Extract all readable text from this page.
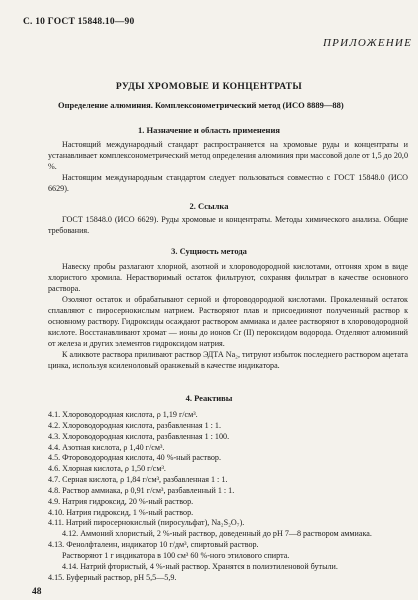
С. 10 ГОСТ 15848.10—90
ПРИЛОЖЕНИЕ
РУДЫ ХРОМОВЫЕ И КОНЦЕНТРАТЫ
Определение алюминия. Комплексонометрический метод (ИСО 8889—88)
1. Назначение и область применения

Настоящий международный стандарт распространяется на хромовые руды и концентраты и устанавливает комплексонометрический метод определения алюминия при массовой доле от 1,5 до 20,0 %.

Настоящим международным стандартом следует пользоваться совместно с ГОСТ 15848.0 (ИСО 6629).

2. Ссылка

ГОСТ 15848.0 (ИСО 6629). Руды хромовые и концентраты. Методы химического анализа. Общие требования.

3. Сущность метода

Навеску пробы разлагают хлорной, азотной и хлороводородной кислотами, отгоняя хром в виде хлористого хромила. Нерастворимый остаток фильтруют, сохраняя фильтрат в качестве основного раствора.

Озоляют остаток и обрабатывают серной и фтороводородной кислотами. Прокаленный остаток сплавляют с пиросернокислым натрием. Растворяют плав и присоединяют полученный раствор к основному раствору. Гидроксиды осаждают раствором аммиака и далее растворяют в хлороводородной кислоте. Восстанавливают хромат — ионы до ионов Cr (II) пероксидом водорода. Отделяют алюминий от железа и других элементов гидроксидом натрия.

К аликвоте раствора приливают раствор ЭДТА Na₂, титруют избыток последнего раствором ацетата цинка, используя ксиленоловый оранжевый в качестве индикатора.

4. Реактивы
4.1. Хлороводородная кислота, ρ 1,19 г/см³.
4.2. Хлороводородная кислота, разбавленная 1 : 1.
4.3. Хлороводородная кислота, разбавленная 1 : 100.
4.4. Азотная кислота, ρ 1,40 г/см³.
4.5. Фтороводородная кислота, 40 %-ный раствор.
4.6. Хлорная кислота, ρ 1,50 г/см³.
4.7. Серная кислота, ρ 1,84 г/см³, разбавленная 1 : 1.
4.8. Раствор аммиака, ρ 0,91 г/см³, разбавленный 1 : 1.
4.9. Натрия гидроксид, 20 %-ный раствор.
4.10. Натрия гидроксид, 1 %-ный раствор.
4.11. Натрий пиросернокислый (пиросульфат), Na₂S₂O₇).
4.12. Аммоний хлористый, 2 %-ный раствор, доведенный до рН 7—8 раствором аммиака.
4.13. Фенолфталеин, индикатор 10 г/дм³, спиртовый раствор.
Растворяют 1 г индикатора в 100 см³ 60 %-ного этилового спирта.
4.14. Натрий фтористый, 4 %-ный раствор. Хранятся в полиэтиленовой бутыли.
4.15. Буферный раствор, рН 5,5—5,9.
48
